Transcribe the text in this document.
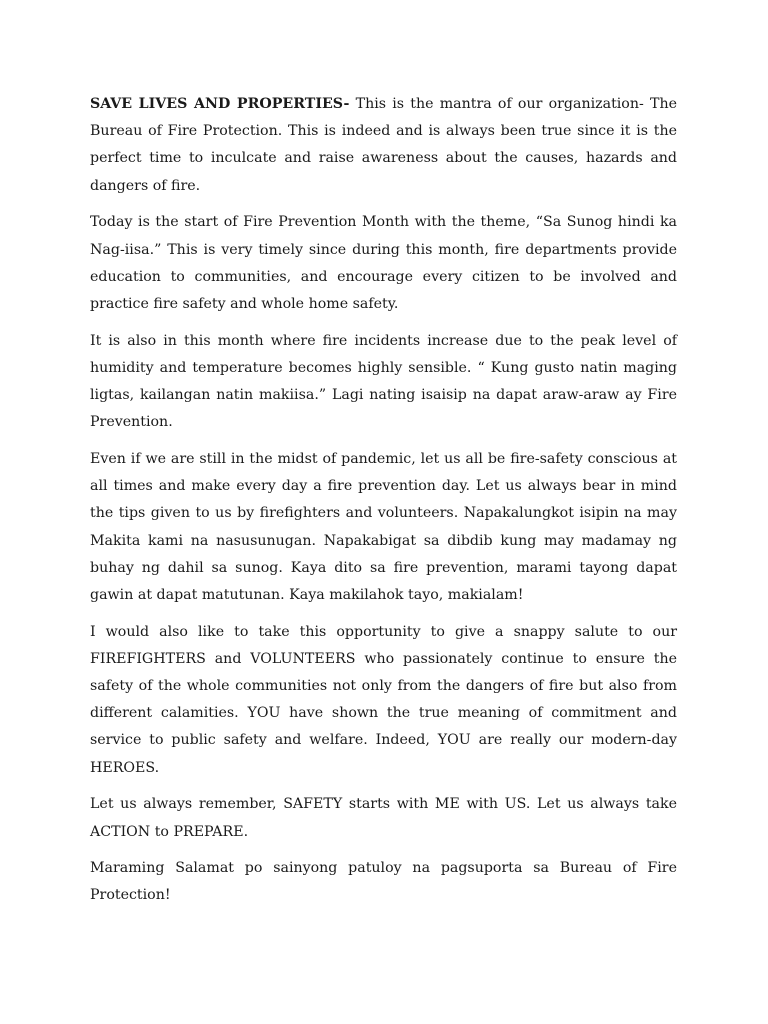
SAVE LIVES AND PROPERTIES- This is the mantra of our organization- The Bureau of Fire Protection. This is indeed and is always been true since it is the perfect time to inculcate and raise awareness about the causes, hazards and dangers of fire.

Today is the start of Fire Prevention Month with the theme, “Sa Sunog hindi ka Nag-iisa.” This is very timely since during this month, fire departments provide education to communities, and encourage every citizen to be involved and practice fire safety and whole home safety.

It is also in this month where fire incidents increase due to the peak level of humidity and temperature becomes highly sensible. “ Kung gusto natin maging ligtas, kailangan natin makiisa.” Lagi nating isaisip na dapat araw-araw ay Fire Prevention.

Even if we are still in the midst of pandemic, let us all be fire-safety conscious at all times and make every day a fire prevention day. Let us always bear in mind the tips given to us by firefighters and volunteers. Napakalungkot isipin na may Makita kami na nasusunugan. Napakabigat sa dibdib kung may madamay ng buhay ng dahil sa sunog. Kaya dito sa fire prevention, marami tayong dapat gawin at dapat matutunan. Kaya makilahok tayo, makialam!

I would also like to take this opportunity to give a snappy salute to our FIREFIGHTERS and VOLUNTEERS who passionately continue to ensure the safety of the whole communities not only from the dangers of fire but also from different calamities. YOU have shown the true meaning of commitment and service to public safety and welfare. Indeed, YOU are really our modern-day HEROES.

Let us always remember, SAFETY starts with ME with US. Let us always take ACTION to PREPARE.

Maraming Salamat po sainyong patuloy na pagsuporta sa Bureau of Fire Protection!
